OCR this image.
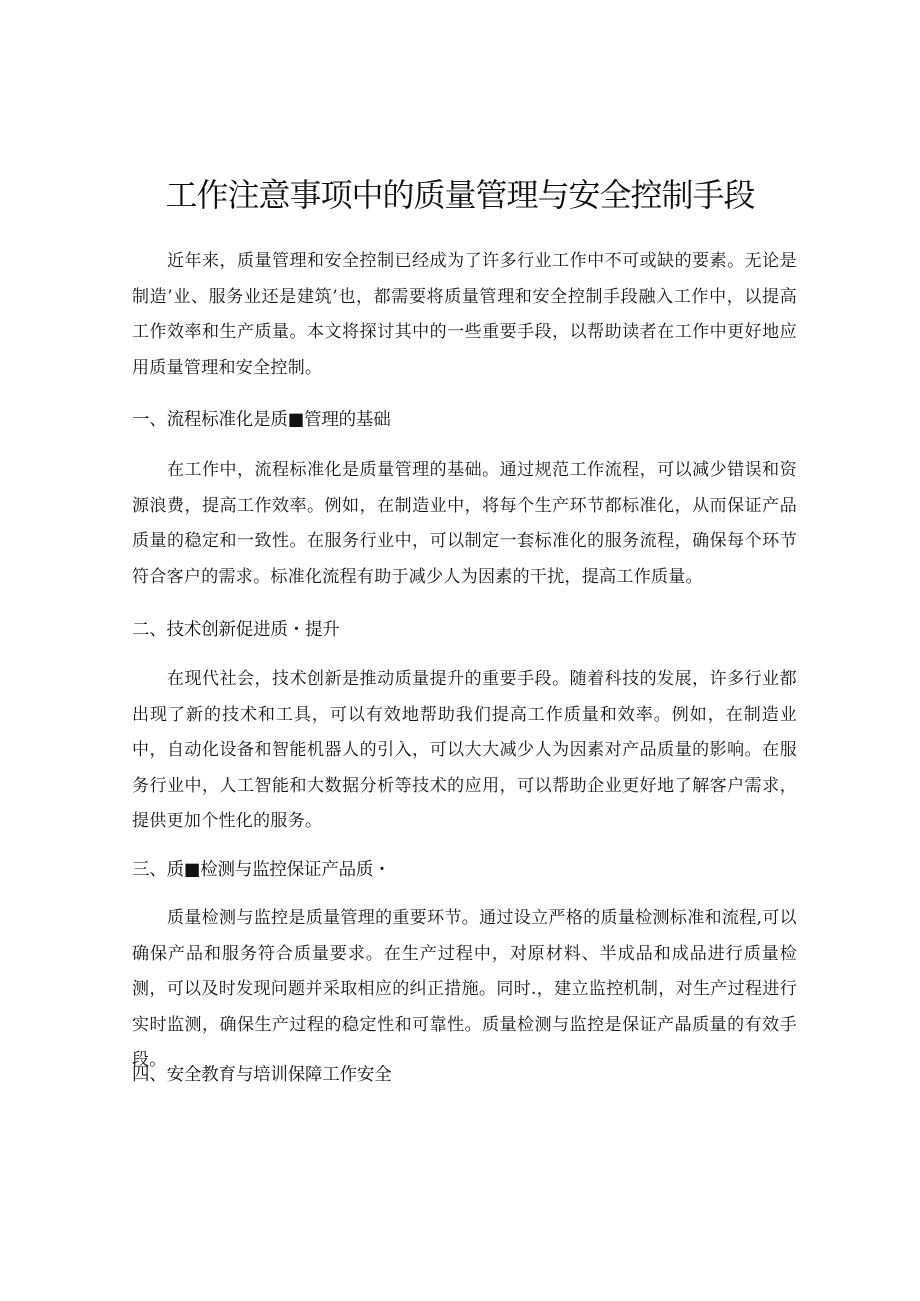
工作注意事项中的质量管理与安全控制手段

近年来，质量管理和安全控制已经成为了许多行业工作中不可或缺的要素。无论是制造’业、服务业还是建筑’也，都需要将质量管理和安全控制手段融入工作中，以提高工作效率和生产质量。本文将探讨其中的一些重要手段，以帮助读者在工作中更好地应用质量管理和安全控制。

一、流程标准化是质■管理的基础

在工作中，流程标准化是质量管理的基础。通过规范工作流程，可以减少错误和资源浪费，提高工作效率。例如，在制造业中，将每个生产环节都标准化，从而保证产品质量的稳定和一致性。在服务行业中，可以制定一套标准化的服务流程，确保每个环节符合客户的需求。标准化流程有助于减少人为因素的干扰，提高工作质量。

二、技术创新促进质・提升

在现代社会，技术创新是推动质量提升的重要手段。随着科技的发展，许多行业都出现了新的技术和工具，可以有效地帮助我们提高工作质量和效率。例如，在制造业中，自动化设备和智能机器人的引入，可以大大减少人为因素对产品质量的影响。在服务行业中，人工智能和大数据分析等技术的应用，可以帮助企业更好地了解客户需求，提供更加个性化的服务。

三、质■检测与监控保证产品质・

质量检测与监控是质量管理的重要环节。通过设立严格的质量检测标准和流程,可以确保产品和服务符合质量要求。在生产过程中，对原材料、半成品和成品进行质量检测，可以及时发现问题并采取相应的纠正措施。同时.，建立监控机制，对生产过程进行实时监测，确保生产过程的稳定性和可靠性。质量检测与监控是保证产晶质量的有效手段。

四、安全教育与培训保障工作安全
